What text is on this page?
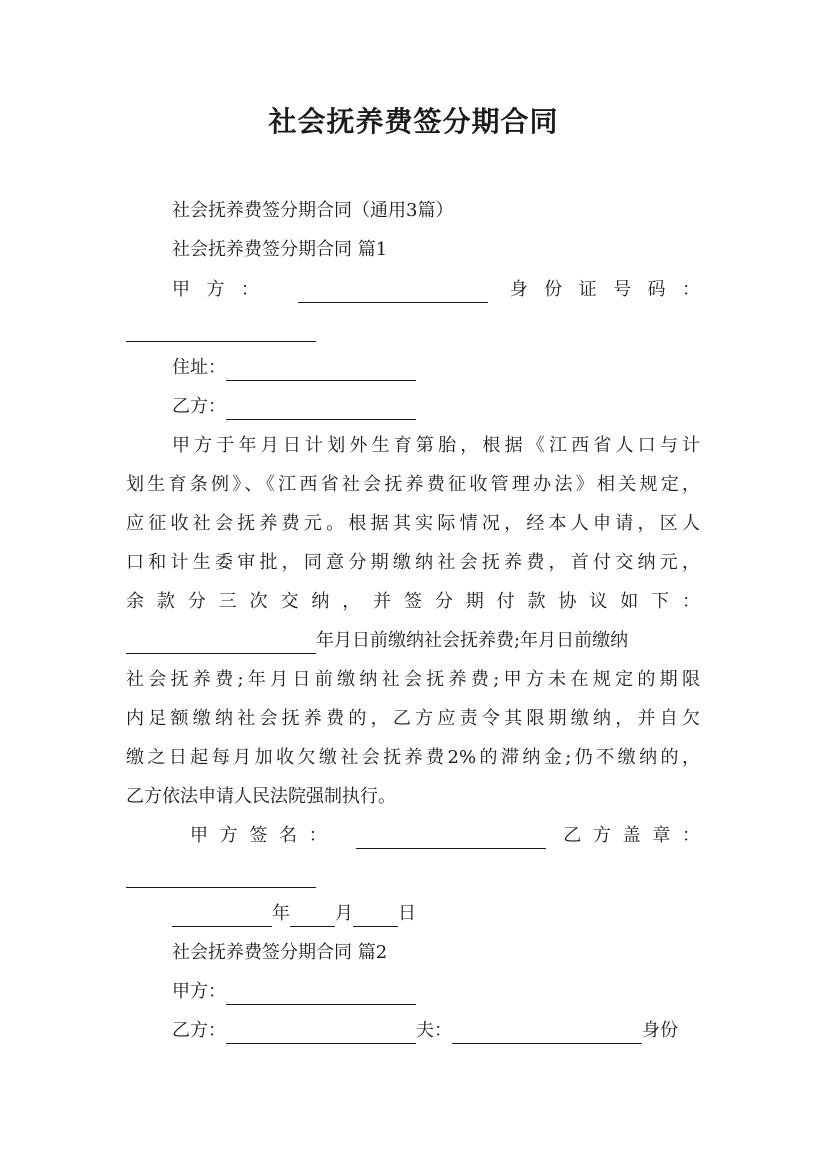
社会抚养费签分期合同
社会抚养费签分期合同（通用3篇）
社会抚养费签分期合同 篇1
甲方：	身份证号码：
住址：
乙方：
甲方于年月日计划外生育第胎，根据《江西省人口与计
划生育条例》、《江西省社会抚养费征收管理办法》相关规定，
应征收社会抚养费元。根据其实际情况，经本人申请，区人
口和计生委审批，同意分期缴纳社会抚养费，首付交纳元，
余款分三次交纳，并签分期付款协议如下：
年月日前缴纳社会抚养费;年月日前缴纳
社会抚养费;年月日前缴纳社会抚养费;甲方未在规定的期限
内足额缴纳社会抚养费的，乙方应责令其限期缴纳，并自欠
缴之日起每月加收欠缴社会抚养费2%的滞纳金;仍不缴纳的，
乙方依法申请人民法院强制执行。
甲方签名：	乙方盖章：
年	月	日
社会抚养费签分期合同 篇2
甲方：
乙方：	夫：	身份
